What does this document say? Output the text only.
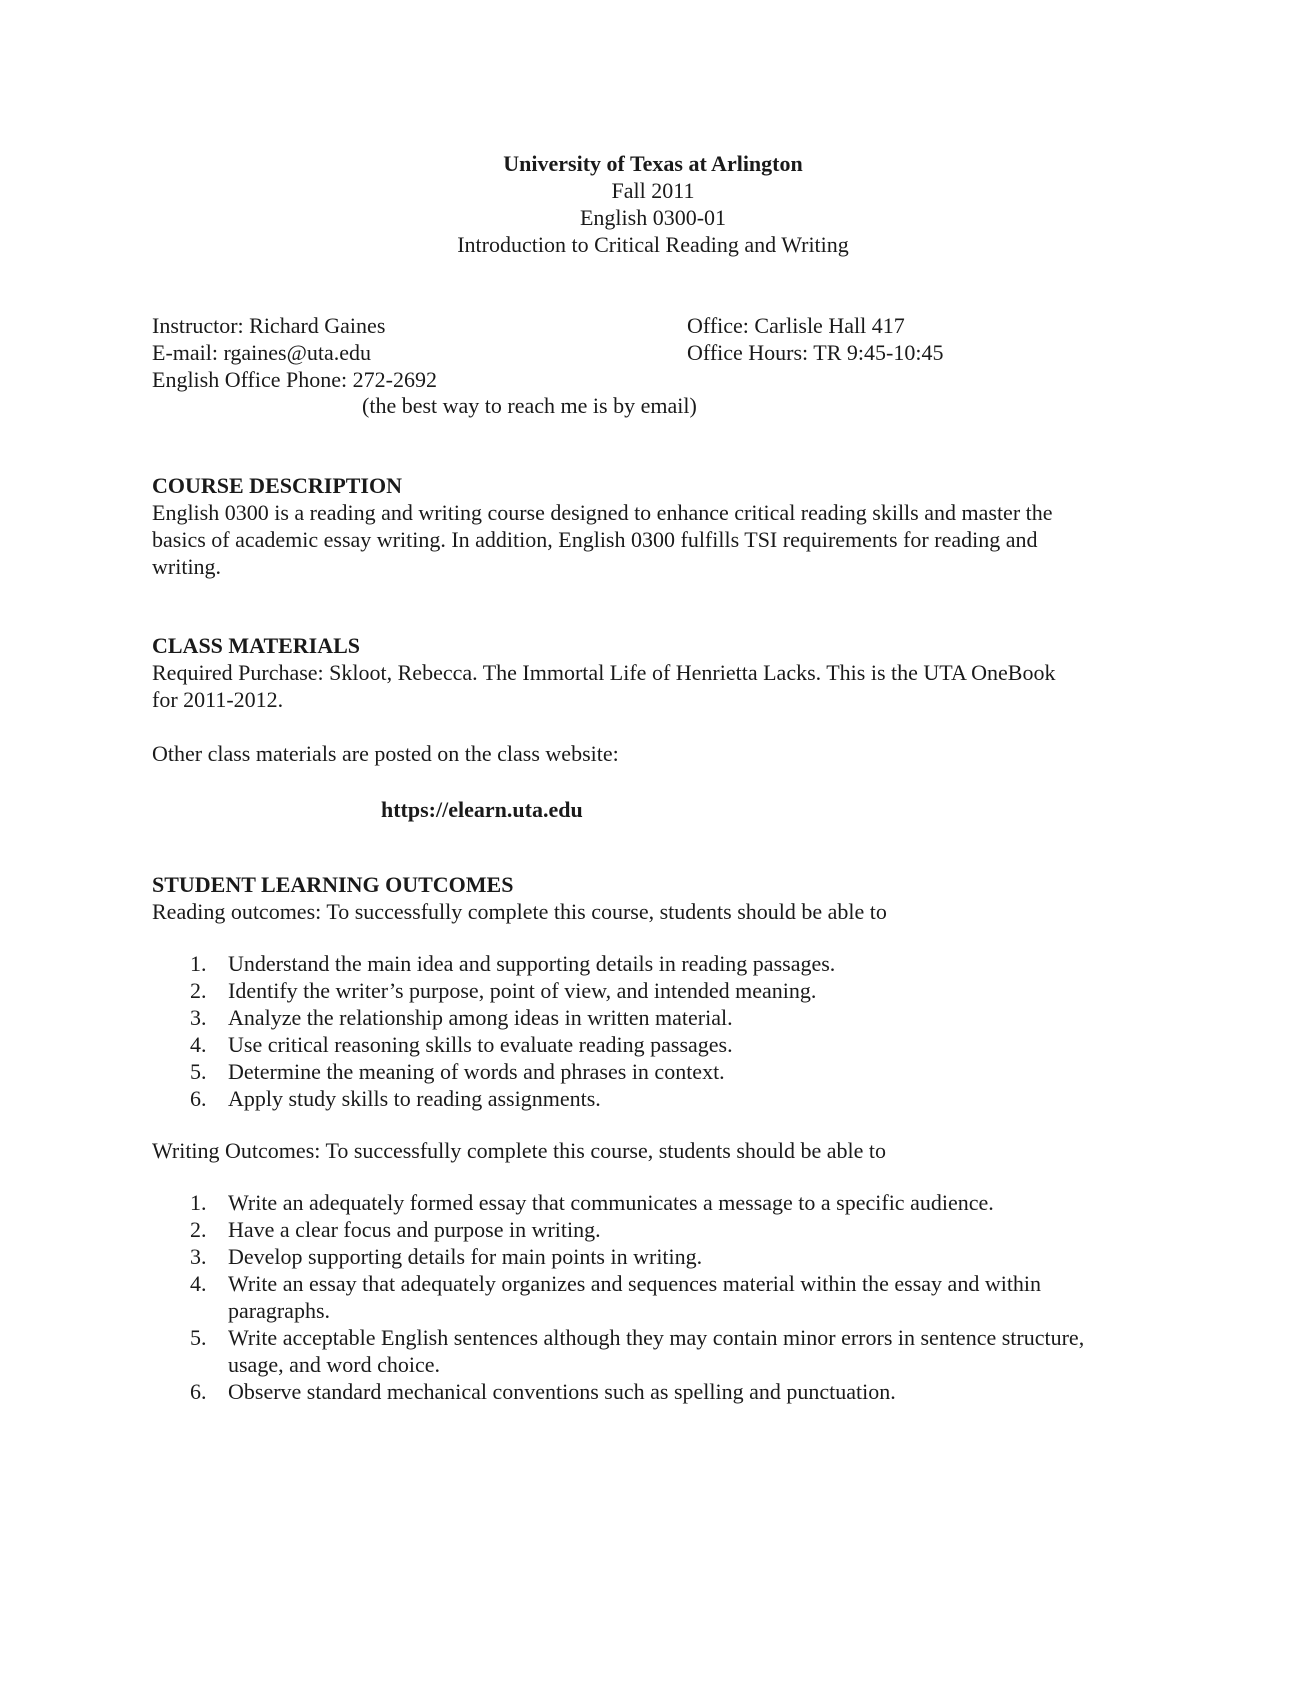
University of Texas at Arlington
Fall 2011
English 0300-01
Introduction to Critical Reading and Writing
Instructor: Richard Gaines	Office: Carlisle Hall 417
E-mail: rgaines@uta.edu	Office Hours: TR 9:45-10:45
English Office Phone: 272-2692
(the best way to reach me is by email)
COURSE DESCRIPTION

English 0300 is a reading and writing course designed to enhance critical reading skills and master the

basics of academic essay writing. In addition, English 0300 fulfills TSI requirements for reading and

writing.

CLASS MATERIALS

Required Purchase: Skloot, Rebecca. The Immortal Life of Henrietta Lacks. This is the UTA OneBook

for 2011-2012.

Other class materials are posted on the class website:

https://elearn.uta.edu
STUDENT LEARNING OUTCOMES

Reading outcomes: To successfully complete this course, students should be able to

1. Understand the main idea and supporting details in reading passages.
2. Identify the writer’s purpose, point of view, and intended meaning.
3. Analyze the relationship among ideas in written material.
4. Use critical reasoning skills to evaluate reading passages.
5. Determine the meaning of words and phrases in context.
6. Apply study skills to reading assignments.

Writing Outcomes: To successfully complete this course, students should be able to

1. Write an adequately formed essay that communicates a message to a specific audience.
2. Have a clear focus and purpose in writing.
3. Develop supporting details for main points in writing.
4. Write an essay that adequately organizes and sequences material within the essay and within paragraphs.
5. Write acceptable English sentences although they may contain minor errors in sentence structure, usage, and word choice.
6. Observe standard mechanical conventions such as spelling and punctuation.
